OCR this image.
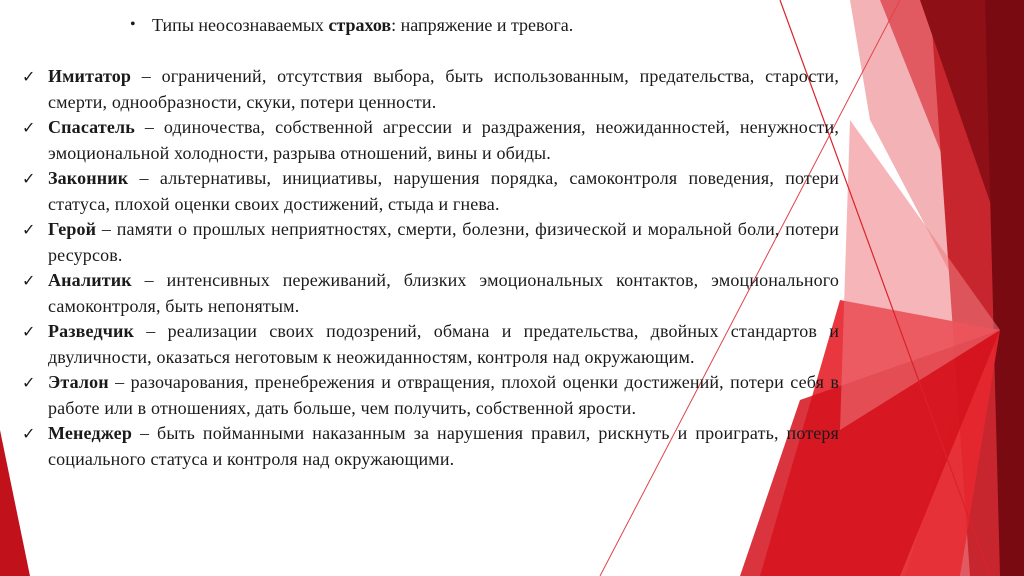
• Типы неосознаваемых страхов: напряжение и тревога.
✓ Имитатор – ограничений, отсутствия выбора, быть использованным, предательства, старости, смерти, однообразности, скуки, потери ценности.
✓ Спасатель – одиночества, собственной агрессии и раздражения, неожиданностей, ненужности, эмоциональной холодности, разрыва отношений, вины и обиды.
✓ Законник – альтернативы, инициативы, нарушения порядка, самоконтроля поведения, потери статуса, плохой оценки своих достижений, стыда и гнева.
✓ Герой – памяти о прошлых неприятностях, смерти, болезни, физической и моральной боли, потери ресурсов.
✓ Аналитик – интенсивных переживаний, близких эмоциональных контактов, эмоционального самоконтроля, быть непонятым.
✓ Разведчик – реализации своих подозрений, обмана и предательства, двойных стандартов и двуличности, оказаться неготовым к неожиданностям, контроля над окружающим.
✓ Эталон – разочарования, пренебрежения и отвращения, плохой оценки достижений, потери себя в работе или в отношениях, дать больше, чем получить, собственной ярости.
✓ Менеджер – быть пойманными наказанным за нарушения правил, рискнуть и проиграть, потеря социального статуса и контроля над окружающими.
